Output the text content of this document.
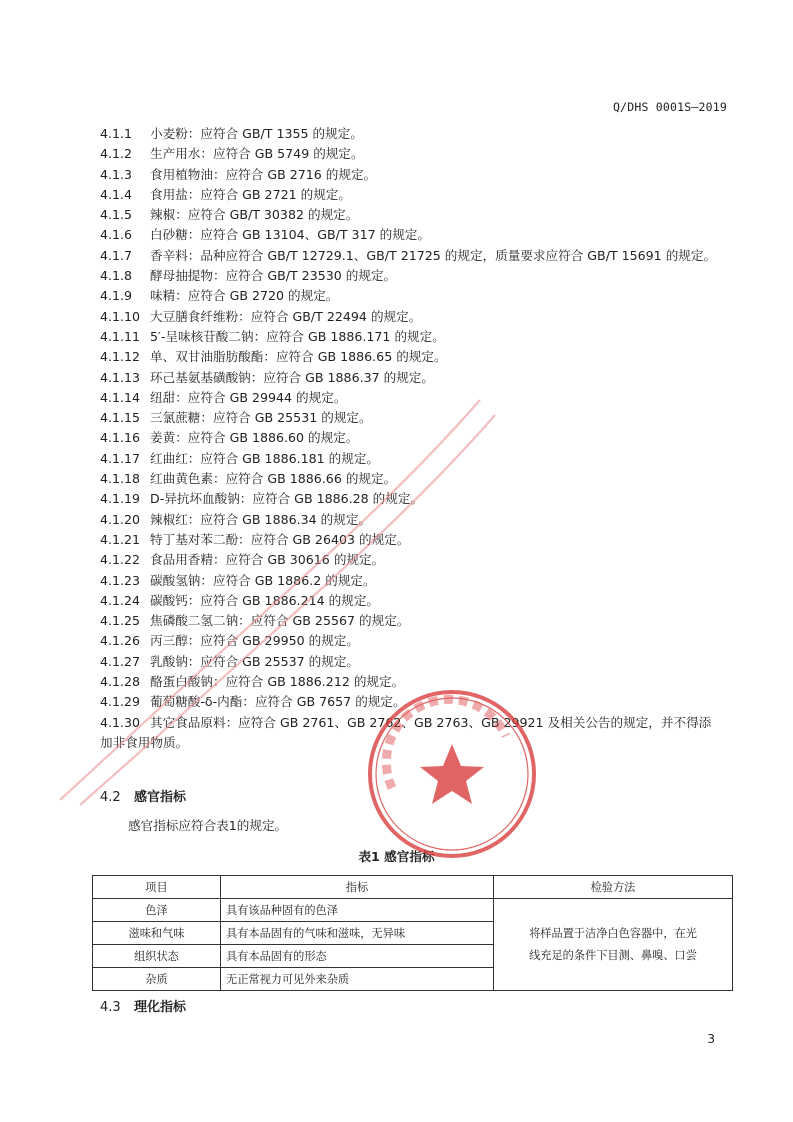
Q/DHS 0001S—2019
4.1.1 小麦粉：应符合 GB/T 1355 的规定。
4.1.2 生产用水：应符合 GB 5749 的规定。
4.1.3 食用植物油：应符合 GB 2716 的规定。
4.1.4 食用盐：应符合 GB 2721 的规定。
4.1.5 辣椒：应符合 GB/T 30382 的规定。
4.1.6 白砂糖：应符合 GB 13104、GB/T 317 的规定。
4.1.7 香辛料：品种应符合 GB/T 12729.1、GB/T 21725 的规定，质量要求应符合 GB/T 15691 的规定。
4.1.8 酵母抽提物：应符合 GB/T 23530 的规定。
4.1.9 味精：应符合 GB 2720 的规定。
4.1.10 大豆膳食纤维粉：应符合 GB/T 22494 的规定。
4.1.11 5′-呈味核苷酸二钠：应符合 GB 1886.171 的规定。
4.1.12 单、双甘油脂肪酸酯：应符合 GB 1886.65 的规定。
4.1.13 环己基氨基磺酸钠：应符合 GB 1886.37 的规定。
4.1.14 纽甜：应符合 GB 29944 的规定。
4.1.15 三氯蔗糖：应符合 GB 25531 的规定。
4.1.16 姜黄：应符合 GB 1886.60 的规定。
4.1.17 红曲红：应符合 GB 1886.181 的规定。
4.1.18 红曲黄色素：应符合 GB 1886.66 的规定。
4.1.19 D-异抗坏血酸钠：应符合 GB 1886.28 的规定。
4.1.20 辣椒红：应符合 GB 1886.34 的规定。
4.1.21 特丁基对苯二酚：应符合 GB 26403 的规定。
4.1.22 食品用香精：应符合 GB 30616 的规定。
4.1.23 碳酸氢钠：应符合 GB 1886.2 的规定。
4.1.24 碳酸钙：应符合 GB 1886.214 的规定。
4.1.25 焦磷酸二氢二钠：应符合 GB 25567 的规定。
4.1.26 丙三醇：应符合 GB 29950 的规定。
4.1.27 乳酸钠：应符合 GB 25537 的规定。
4.1.28 酪蛋白酸钠：应符合 GB 1886.212 的规定。
4.1.29 葡萄糖酸-δ-内酯：应符合 GB 7657 的规定。
4.1.30 其它食品原料：应符合 GB 2761、GB 2762、GB 2763、GB 29921 及相关公告的规定，并不得添
加非食用物质。
4.2 感官指标
感官指标应符合表1的规定。
表1 感官指标
项目	指标	检验方法
色泽	具有该品种固有的色泽	将样品置于洁净白色容器中，在光
线充足的条件下目测、鼻嗅、口尝
滋味和气味	具有本品固有的气味和滋味，无异味	
组织状态	具有本品固有的形态	
杂质	无正常视力可见外来杂质	
4.3 理化指标
3
